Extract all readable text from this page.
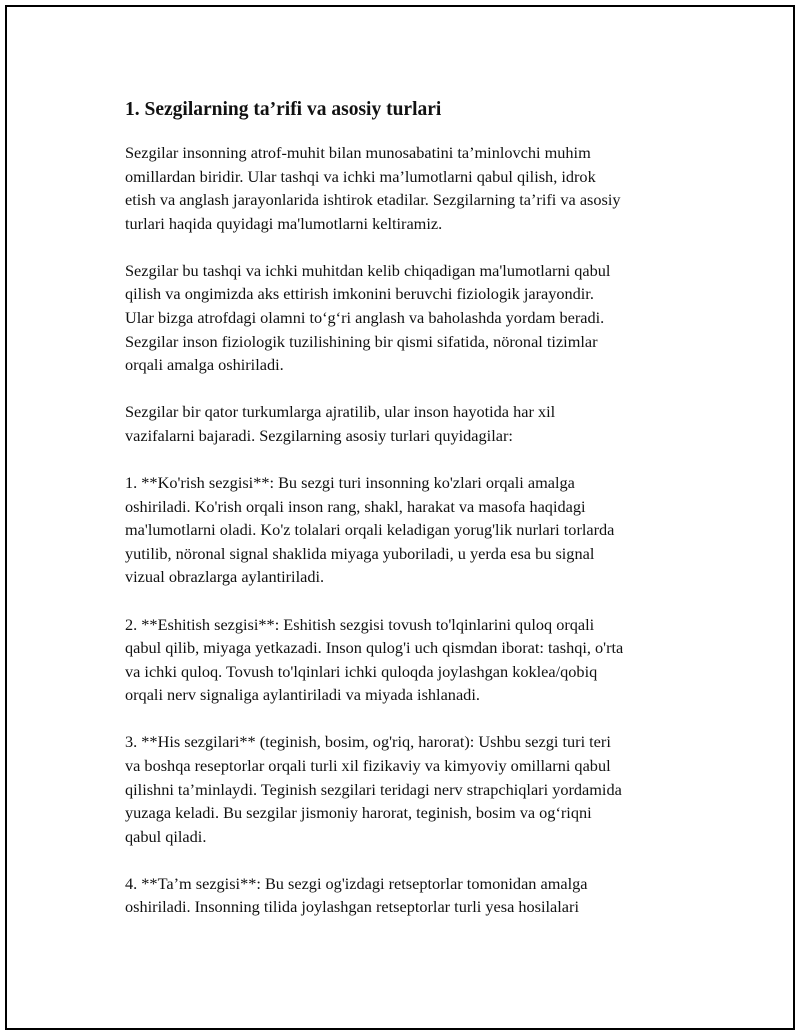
1. Sezgilarning ta’rifi va asosiy turlari

Sezgilar insonning atrof-muhit bilan munosabatini ta’minlovchi muhim
omillardan biridir. Ular tashqi va ichki ma’lumotlarni qabul qilish, idrok
etish va anglash jarayonlarida ishtirok etadilar. Sezgilarning ta’rifi va asosiy
turlari haqida quyidagi ma'lumotlarni keltiramiz.

Sezgilar bu tashqi va ichki muhitdan kelib chiqadigan ma'lumotlarni qabul
qilish va ongimizda aks ettirish imkonini beruvchi fiziologik jarayondir.
Ular bizga atrofdagi olamni to‘g‘ri anglash va baholashda yordam beradi.
Sezgilar inson fiziologik tuzilishining bir qismi sifatida, nöronal tizimlar
orqali amalga oshiriladi.

Sezgilar bir qator turkumlarga ajratilib, ular inson hayotida har xil
vazifalarni bajaradi. Sezgilarning asosiy turlari quyidagilar:

1. **Ko'rish sezgisi**: Bu sezgi turi insonning ko'zlari orqali amalga
oshiriladi. Ko'rish orqali inson rang, shakl, harakat va masofa haqidagi
ma'lumotlarni oladi. Ko'z tolalari orqali keladigan yorug'lik nurlari torlarda
yutilib, nöronal signal shaklida miyaga yuboriladi, u yerda esa bu signal
vizual obrazlarga aylantiriladi.

2. **Eshitish sezgisi**: Eshitish sezgisi tovush to'lqinlarini quloq orqali
qabul qilib, miyaga yetkazadi. Inson qulog'i uch qismdan iborat: tashqi, o'rta
va ichki quloq. Tovush to'lqinlari ichki quloqda joylashgan koklea/qobiq
orqali nerv signaliga aylantiriladi va miyada ishlanadi.

3. **His sezgilari** (teginish, bosim, og'riq, harorat): Ushbu sezgi turi teri
va boshqa reseptorlar orqali turli xil fizikaviy va kimyoviy omillarni qabul
qilishni ta’minlaydi. Teginish sezgilari teridagi nerv strapchiqlari yordamida
yuzaga keladi. Bu sezgilar jismoniy harorat, teginish, bosim va og‘riqni
qabul qiladi.

4. **Ta’m sezgisi**: Bu sezgi og'izdagi retseptorlar tomonidan amalga
oshiriladi. Insonning tilida joylashgan retseptorlar turli yesa hosilalari
